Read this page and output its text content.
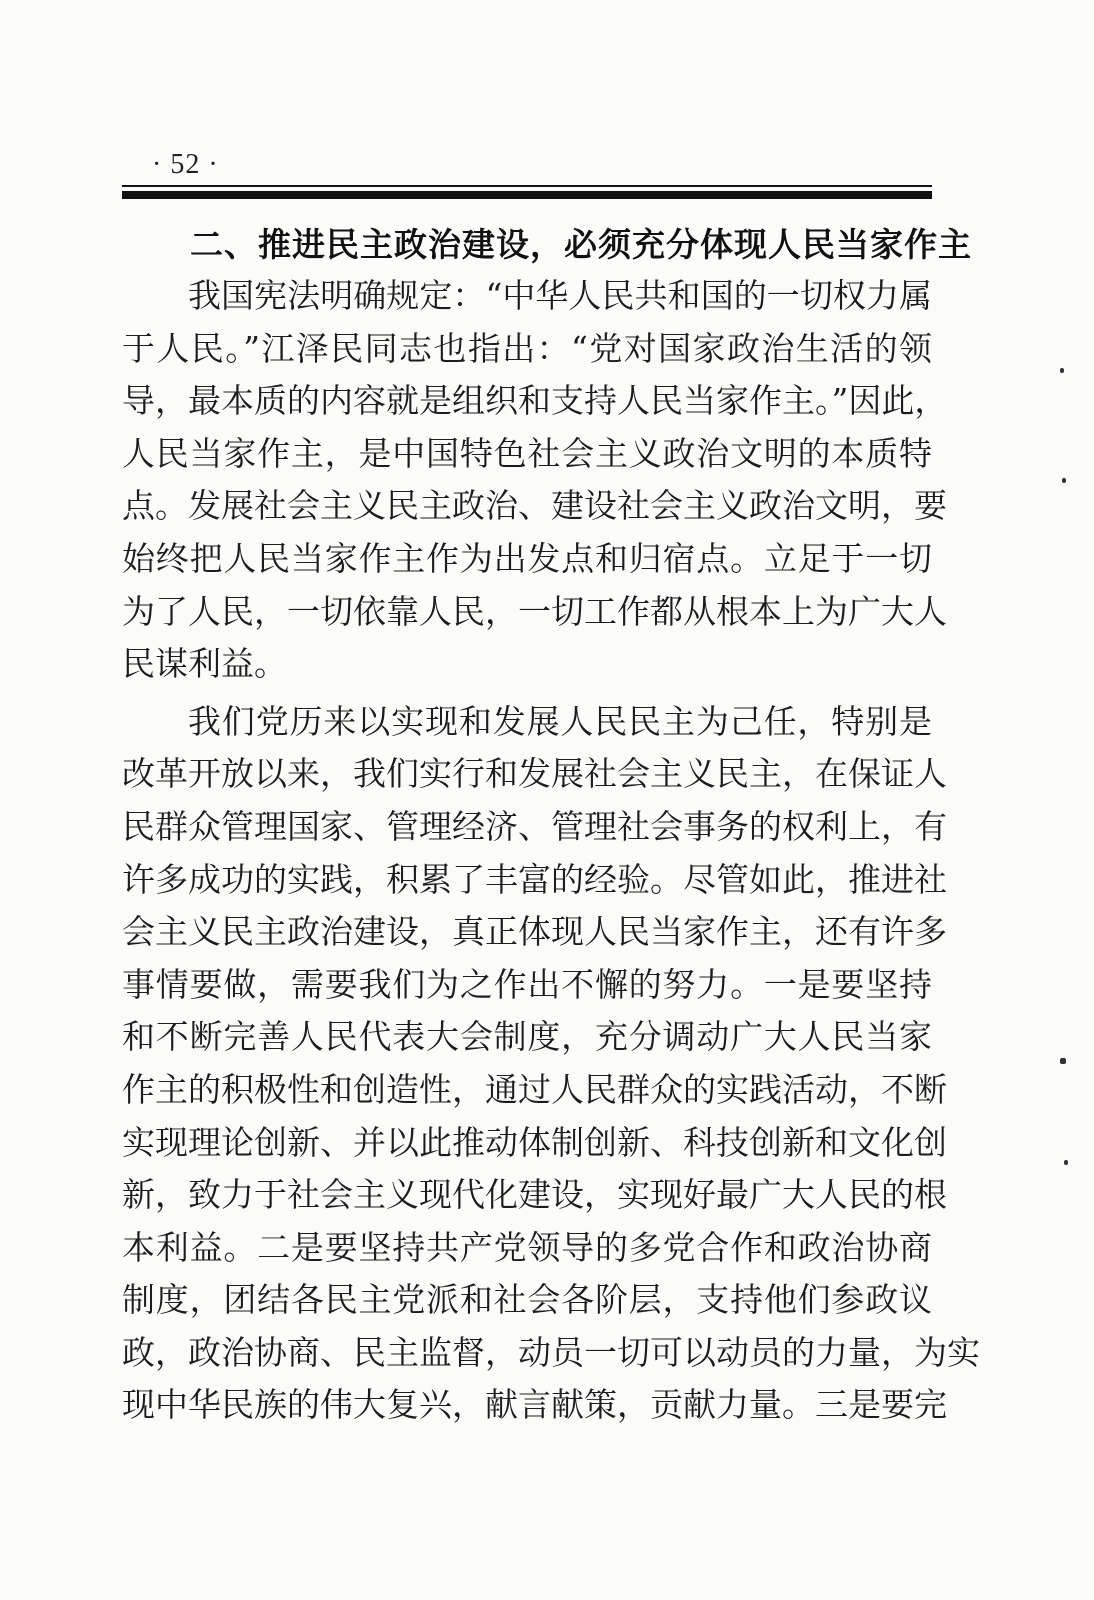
· 52 ·
二、推进民主政治建设，必须充分体现人民当家作主
我国宪法明确规定：“中华人民共和国的一切权力属
于人民。”江泽民同志也指出：“党对国家政治生活的领
导，最本质的内容就是组织和支持人民当家作主。”因此，
人民当家作主，是中国特色社会主义政治文明的本质特
点。发展社会主义民主政治、建设社会主义政治文明，要
始终把人民当家作主作为出发点和归宿点。立足于一切
为了人民，一切依靠人民，一切工作都从根本上为广大人
民谋利益。
我们党历来以实现和发展人民民主为己任，特别是
改革开放以来，我们实行和发展社会主义民主，在保证人
民群众管理国家、管理经济、管理社会事务的权利上，有
许多成功的实践，积累了丰富的经验。尽管如此，推进社
会主义民主政治建设，真正体现人民当家作主，还有许多
事情要做，需要我们为之作出不懈的努力。一是要坚持
和不断完善人民代表大会制度，充分调动广大人民当家
作主的积极性和创造性，通过人民群众的实践活动，不断
实现理论创新、并以此推动体制创新、科技创新和文化创
新，致力于社会主义现代化建设，实现好最广大人民的根
本利益。二是要坚持共产党领导的多党合作和政治协商
制度，团结各民主党派和社会各阶层，支持他们参政议
政，政治协商、民主监督，动员一切可以动员的力量，为实
现中华民族的伟大复兴，献言献策，贡献力量。三是要完
